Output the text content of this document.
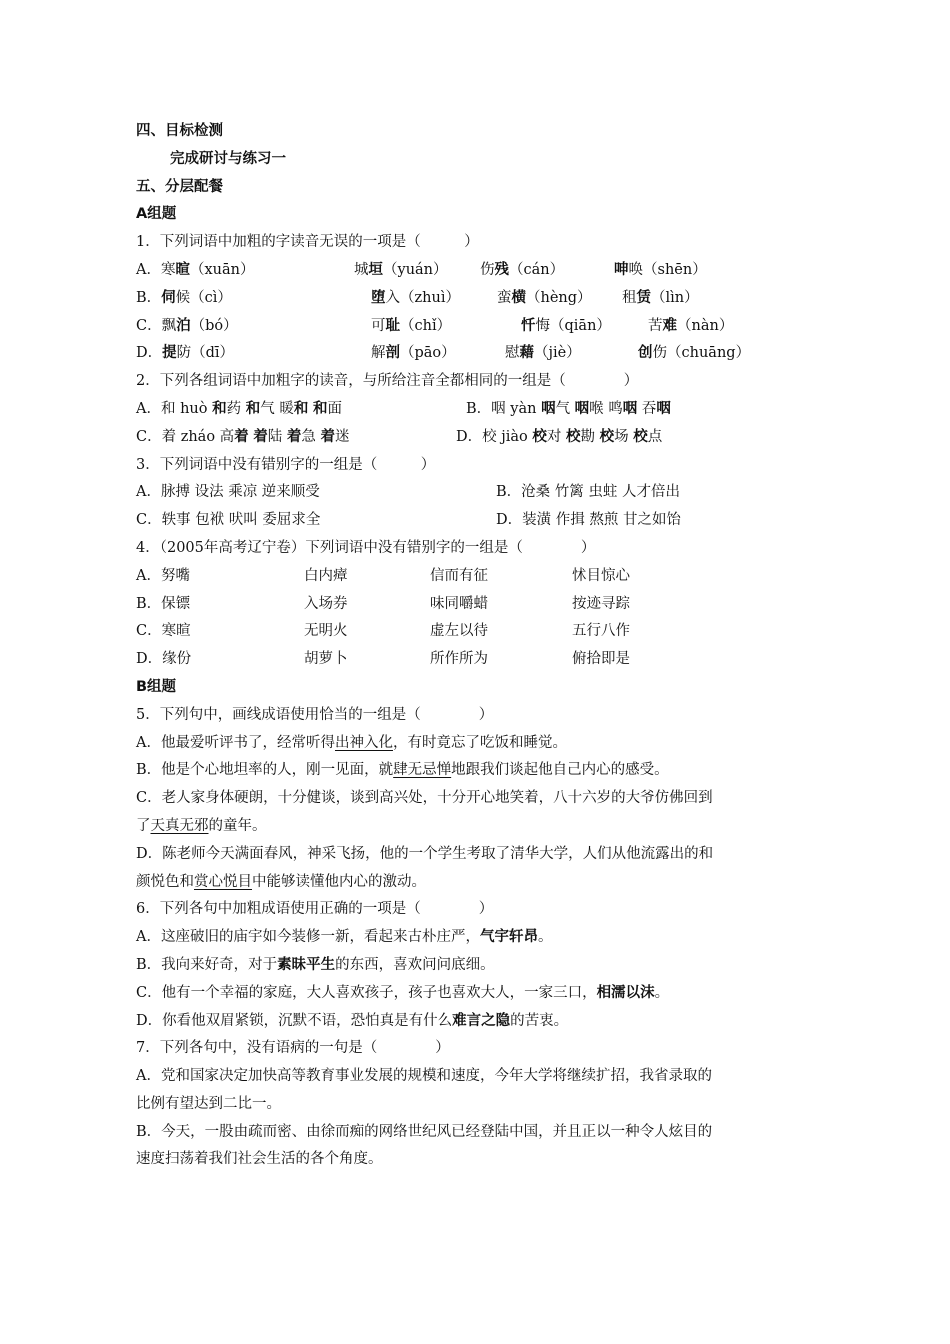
四、目标检测
完成研讨与练习一
五、分层配餐
A组题
1．下列词语中加粗的字读音无误的一项是（　　　）
A．寒暄（xuān）	城垣（yuán） 伤残（cán）	呻唤（shēn）
B．伺候（cì）	堕入（zhuì）	蛮横（hèng） 租赁（lìn）
C．飘泊（bó）	可耻（chǐ）	忏悔（qiān）	苦难（nàn）
D．提防（dī）	解剖（pāo）	慰藉（jiè）	创伤（chuāng）
2．下列各组词语中加粗字的读音，与所给注音全都相同的一组是（　　　　）
A．和 huò 和药 和气 暖和 和面	B．咽 yàn 咽气 咽喉 鸣咽 吞咽
C．着 zháo 高着 着陆 着急 着迷	D．校 jiào 校对 校勘 校场 校点
3．下列词语中没有错别字的一组是（　　　）
A．脉搏 设法 乘凉 逆来顺受	B．沧桑 竹篱 虫蛀 人才倍出
C．轶事 包袱 吠叫 委屈求全	D．装潢 作揖 熬煎 甘之如饴
4．（2005年高考辽宁卷）下列词语中没有错别字的一组是（　　　　）
A．努嘴	白内瘴	信而有征	怵目惊心
B．保镖	入场券	味同嚼蜡	按迹寻踪
C．寒暄	无明火	虚左以待	五行八作
D．缘份	胡萝卜	所作所为	俯拾即是
B组题
5．下列句中，画线成语使用恰当的一组是（　　　　）
A．他最爱听评书了，经常听得出神入化，有时竟忘了吃饭和睡觉。
B．他是个心地坦率的人，刚一见面，就肆无忌惮地跟我们谈起他自己内心的感受。
C．老人家身体硬朗，十分健谈，谈到高兴处，十分开心地笑着，八十六岁的大爷仿佛回到
了天真无邪的童年。
D．陈老师今天满面春风，神采飞扬，他的一个学生考取了清华大学，人们从他流露出的和
颜悦色和赏心悦目中能够读懂他内心的激动。
6．下列各句中加粗成语使用正确的一项是（　　　　）
A．这座破旧的庙宇如今装修一新，看起来古朴庄严，气宇轩昂。
B．我向来好奇，对于素昧平生的东西，喜欢问问底细。
C．他有一个幸福的家庭，大人喜欢孩子，孩子也喜欢大人，一家三口，相濡以沫。
D．你看他双眉紧锁，沉默不语，恐怕真是有什么难言之隐的苦衷。
7．下列各句中，没有语病的一句是（　　　　）
A．党和国家决定加快高等教育事业发展的规模和速度，今年大学将继续扩招，我省录取的
比例有望达到二比一。
B．今天，一股由疏而密、由徐而痴的网络世纪风已经登陆中国，并且正以一种令人炫目的
速度扫荡着我们社会生活的各个角度。
